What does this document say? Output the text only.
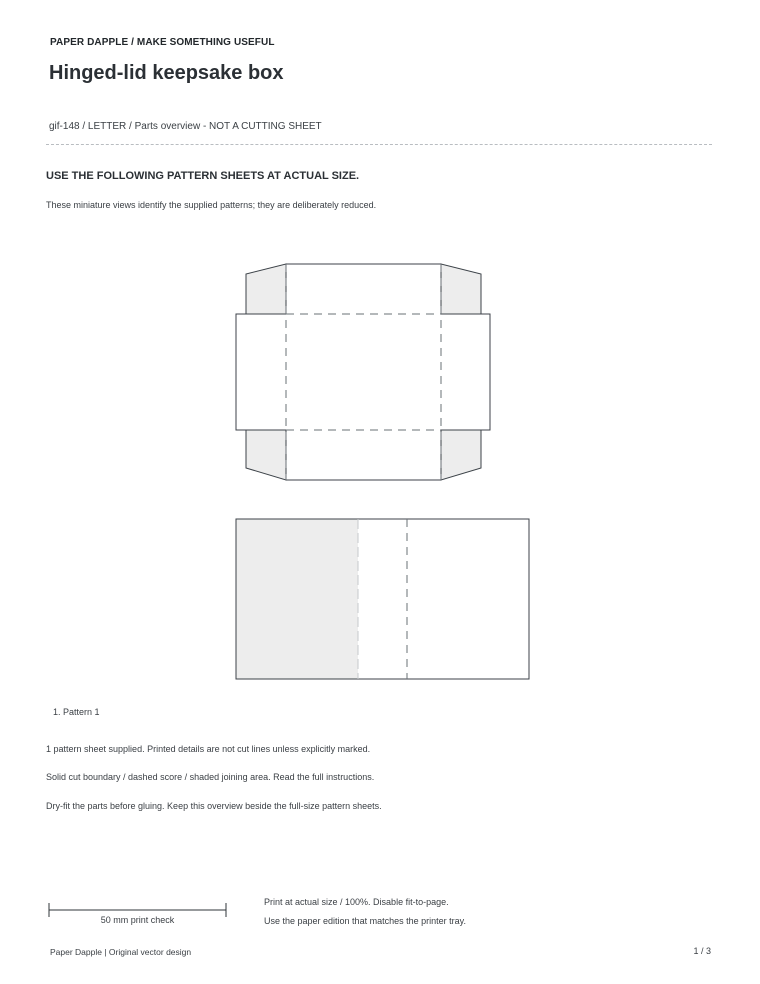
PAPER DAPPLE / MAKE SOMETHING USEFUL
Hinged-lid keepsake box
gif-148 / LETTER / Parts overview - NOT A CUTTING SHEET
USE THE FOLLOWING PATTERN SHEETS AT ACTUAL SIZE.
These miniature views identify the supplied patterns; they are deliberately reduced.
1. Pattern 1
1 pattern sheet supplied. Printed details are not cut lines unless explicitly marked.
Solid cut boundary / dashed score / shaded joining area. Read the full instructions.
Dry-fit the parts before gluing. Keep this overview beside the full-size pattern sheets.
50 mm print check
Print at actual size / 100%. Disable fit-to-page.
Use the paper edition that matches the printer tray.
Paper Dapple | Original vector design	1 / 3
